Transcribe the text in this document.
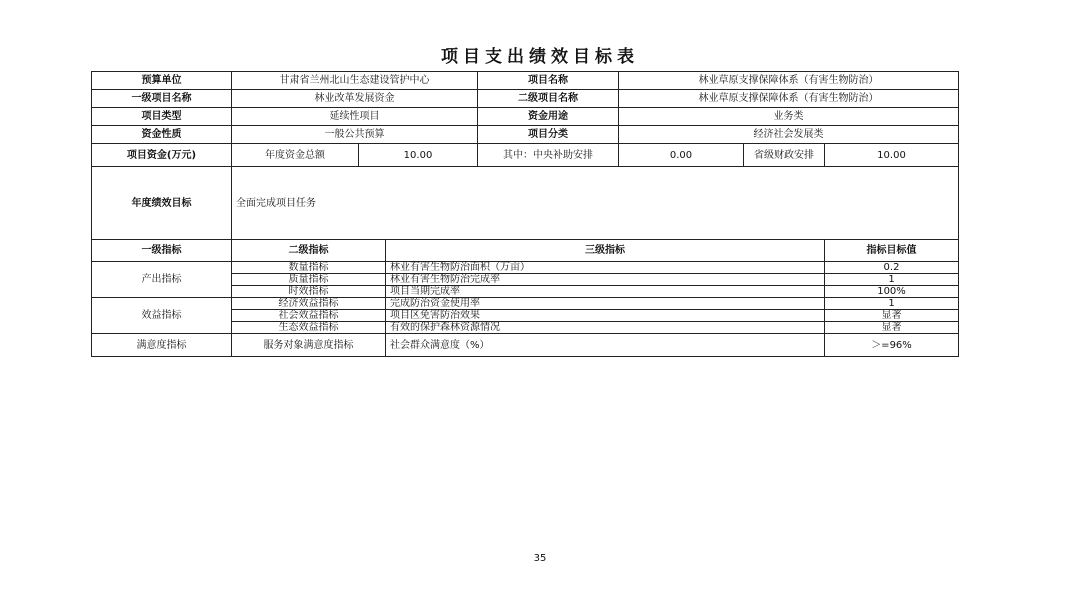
项目支出绩效目标表
预算单位	甘肃省兰州北山生态建设管护中心			项目名称	林业草原支撑保障体系（有害生物防治）		
一级项目名称	林业改革发展资金			二级项目名称	林业草原支撑保障体系（有害生物防治）		
项目类型	延续性项目			资金用途	业务类		
资金性质	一般公共预算			项目分类	经济社会发展类		
项目资金(万元)	年度资金总额	10.00		其中：中央补助安排	0.00	省级财政安排	10.00
年度绩效目标	全面完成项目任务						
一级指标	二级指标		三级指标				指标目标值
产出指标	数量指标		林业有害生物防治面积（万亩）				0.2
	质量指标		林业有害生物防治完成率				1
	时效指标		项目当期完成率				100%
效益指标	经济效益指标		完成防治资金使用率				1
	社会效益指标		项目区免害防治效果				显著
	生态效益指标		有效的保护森林资源情况				显著
满意度指标	服务对象满意度指标		社会群众满意度（%）				＞=96%
35
